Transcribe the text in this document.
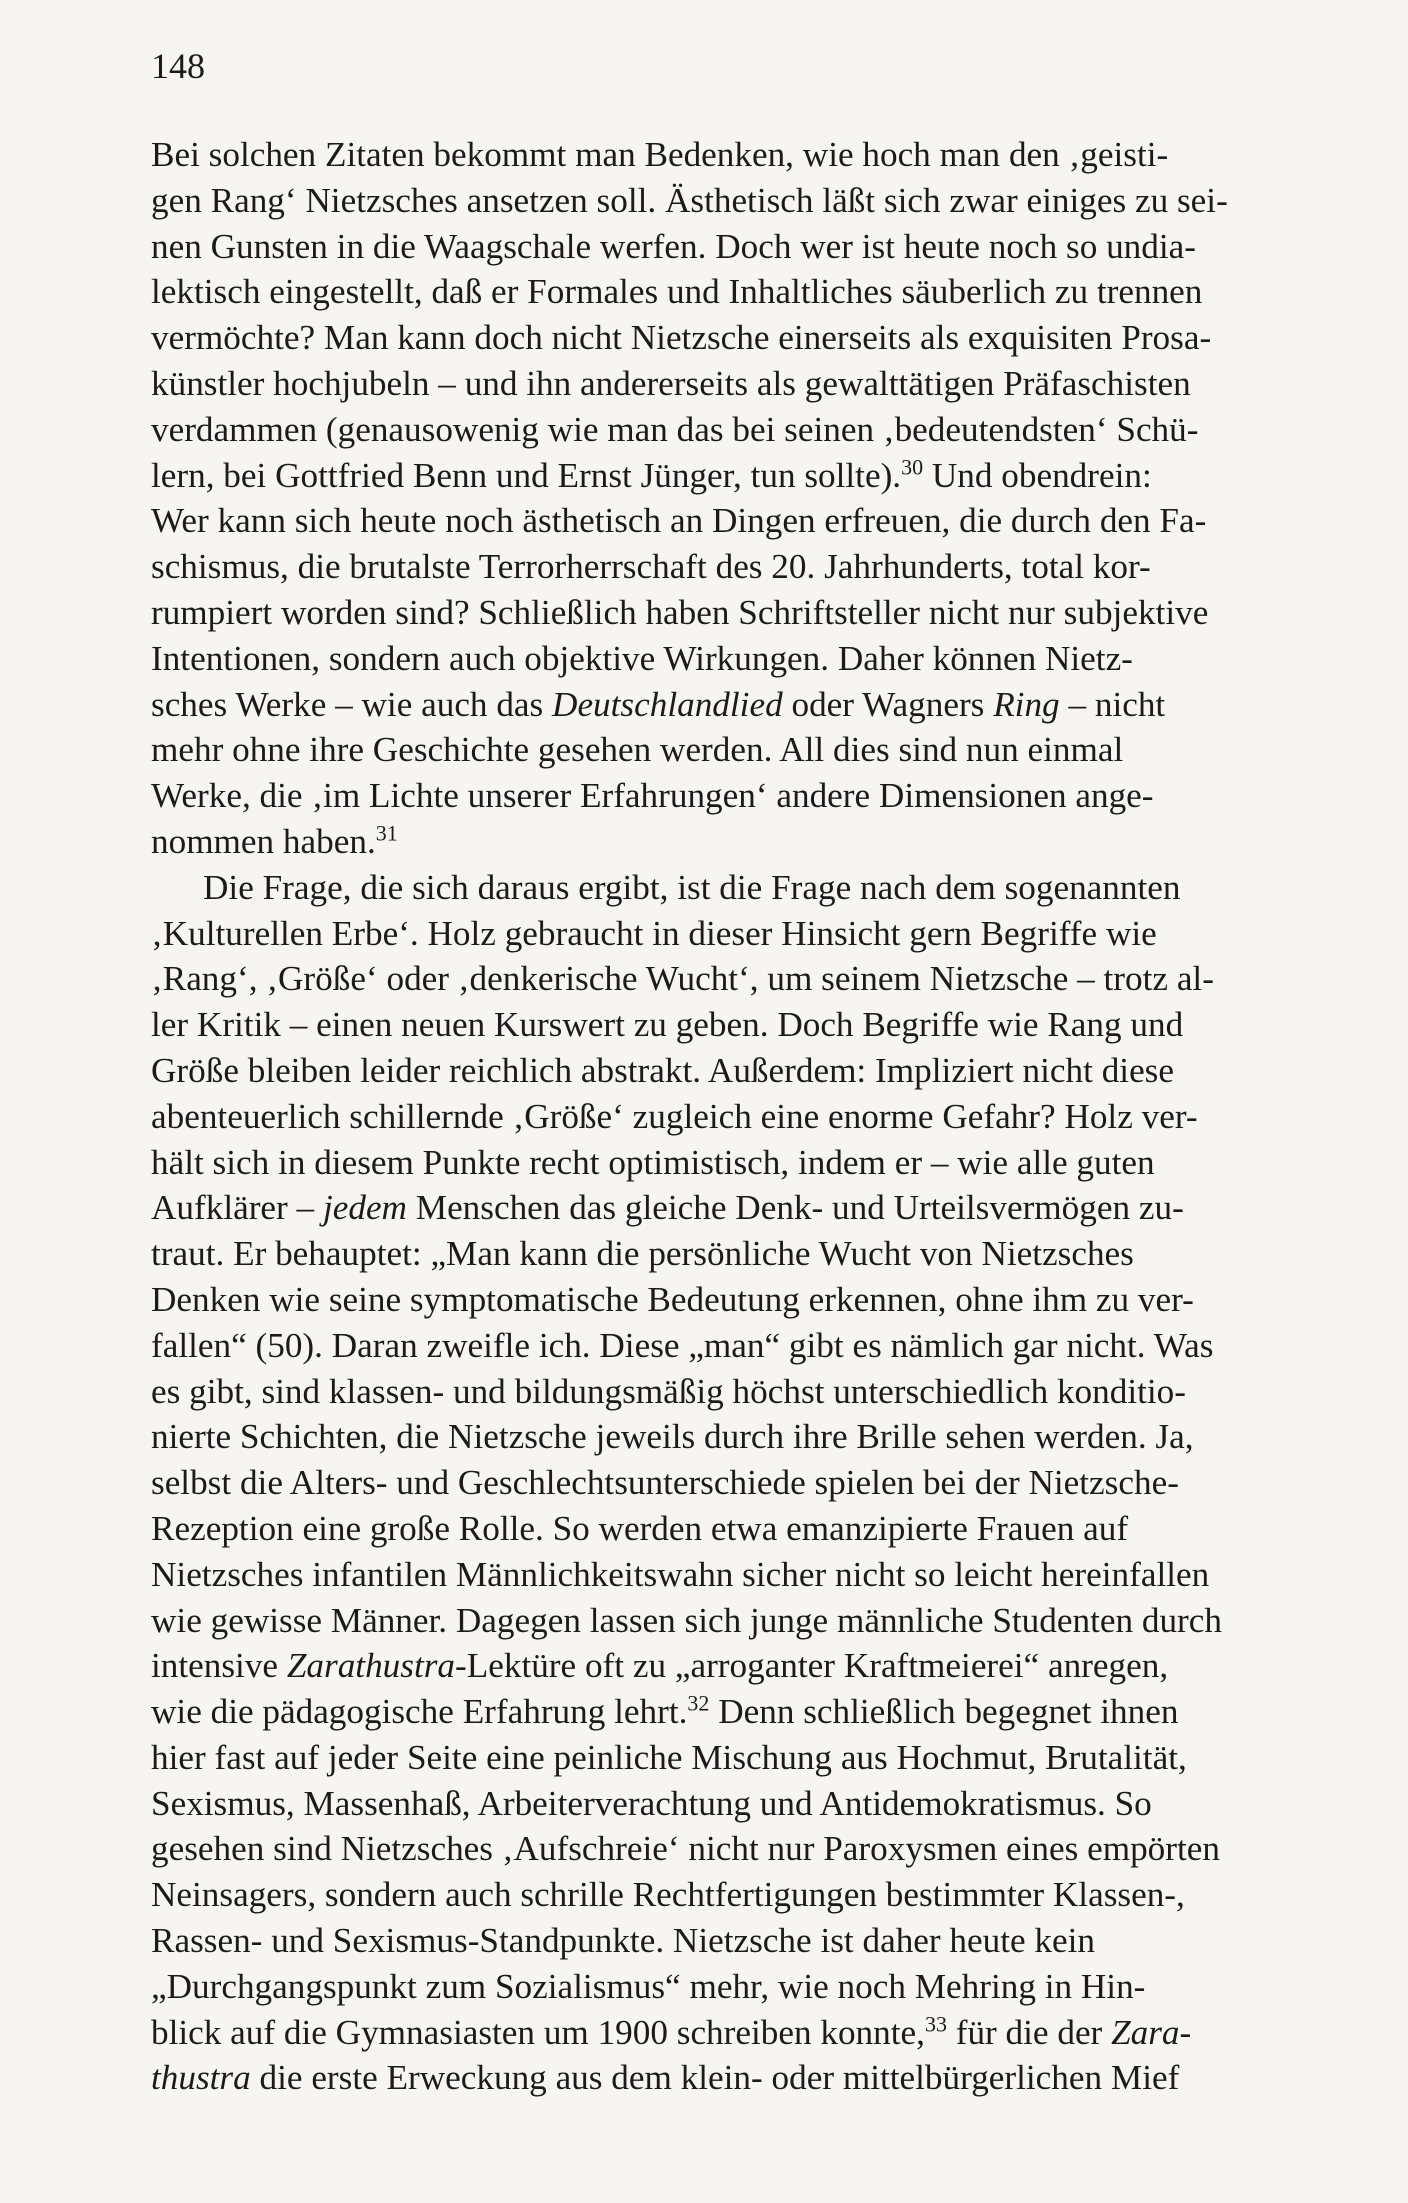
148
Bei solchen Zitaten bekommt man Bedenken, wie hoch man den ‚geisti-
gen Rang‘ Nietzsches ansetzen soll. Ästhetisch läßt sich zwar einiges zu sei-
nen Gunsten in die Waagschale werfen. Doch wer ist heute noch so undia-
lektisch eingestellt, daß er Formales und Inhaltliches säuberlich zu trennen
vermöchte? Man kann doch nicht Nietzsche einerseits als exquisiten Prosa-
künstler hochjubeln – und ihn andererseits als gewalttätigen Präfaschisten
verdammen (genausowenig wie man das bei seinen ‚bedeutendsten‘ Schü-
lern, bei Gottfried Benn und Ernst Jünger, tun sollte).$^{30}$ Und obendrein:
Wer kann sich heute noch ästhetisch an Dingen erfreuen, die durch den Fa-
schismus, die brutalste Terrorherrschaft des 20. Jahrhunderts, total kor-
rumpiert worden sind? Schließlich haben Schriftsteller nicht nur subjektive
Intentionen, sondern auch objektive Wirkungen. Daher können Nietz-
sches Werke – wie auch das Deutschlandlied oder Wagners Ring – nicht
mehr ohne ihre Geschichte gesehen werden. All dies sind nun einmal
Werke, die ‚im Lichte unserer Erfahrungen‘ andere Dimensionen ange-
nommen haben.$^{31}$
Die Frage, die sich daraus ergibt, ist die Frage nach dem sogenannten
‚Kulturellen Erbe‘. Holz gebraucht in dieser Hinsicht gern Begriffe wie
‚Rang‘, ‚Größe‘ oder ‚denkerische Wucht‘, um seinem Nietzsche – trotz al-
ler Kritik – einen neuen Kurswert zu geben. Doch Begriffe wie Rang und
Größe bleiben leider reichlich abstrakt. Außerdem: Impliziert nicht diese
abenteuerlich schillernde ‚Größe‘ zugleich eine enorme Gefahr? Holz ver-
hält sich in diesem Punkte recht optimistisch, indem er – wie alle guten
Aufklärer – jedem Menschen das gleiche Denk- und Urteilsvermögen zu-
traut. Er behauptet: „Man kann die persönliche Wucht von Nietzsches
Denken wie seine symptomatische Bedeutung erkennen, ohne ihm zu ver-
fallen“ (50). Daran zweifle ich. Diese „man“ gibt es nämlich gar nicht. Was
es gibt, sind klassen- und bildungsmäßig höchst unterschiedlich konditio-
nierte Schichten, die Nietzsche jeweils durch ihre Brille sehen werden. Ja,
selbst die Alters- und Geschlechtsunterschiede spielen bei der Nietzsche-
Rezeption eine große Rolle. So werden etwa emanzipierte Frauen auf
Nietzsches infantilen Männlichkeitswahn sicher nicht so leicht hereinfallen
wie gewisse Männer. Dagegen lassen sich junge männliche Studenten durch
intensive Zarathustra-Lektüre oft zu „arroganter Kraftmeierei“ anregen,
wie die pädagogische Erfahrung lehrt.$^{32}$ Denn schließlich begegnet ihnen
hier fast auf jeder Seite eine peinliche Mischung aus Hochmut, Brutalität,
Sexismus, Massenhaß, Arbeiterverachtung und Antidemokratismus. So
gesehen sind Nietzsches ‚Aufschreie‘ nicht nur Paroxysmen eines empörten
Neinsagers, sondern auch schrille Rechtfertigungen bestimmter Klassen-,
Rassen- und Sexismus-Standpunkte. Nietzsche ist daher heute kein
„Durchgangspunkt zum Sozialismus“ mehr, wie noch Mehring in Hin-
blick auf die Gymnasiasten um 1900 schreiben konnte,$^{33}$ für die der Zara-
thustra die erste Erweckung aus dem klein- oder mittelbürgerlichen Mief
